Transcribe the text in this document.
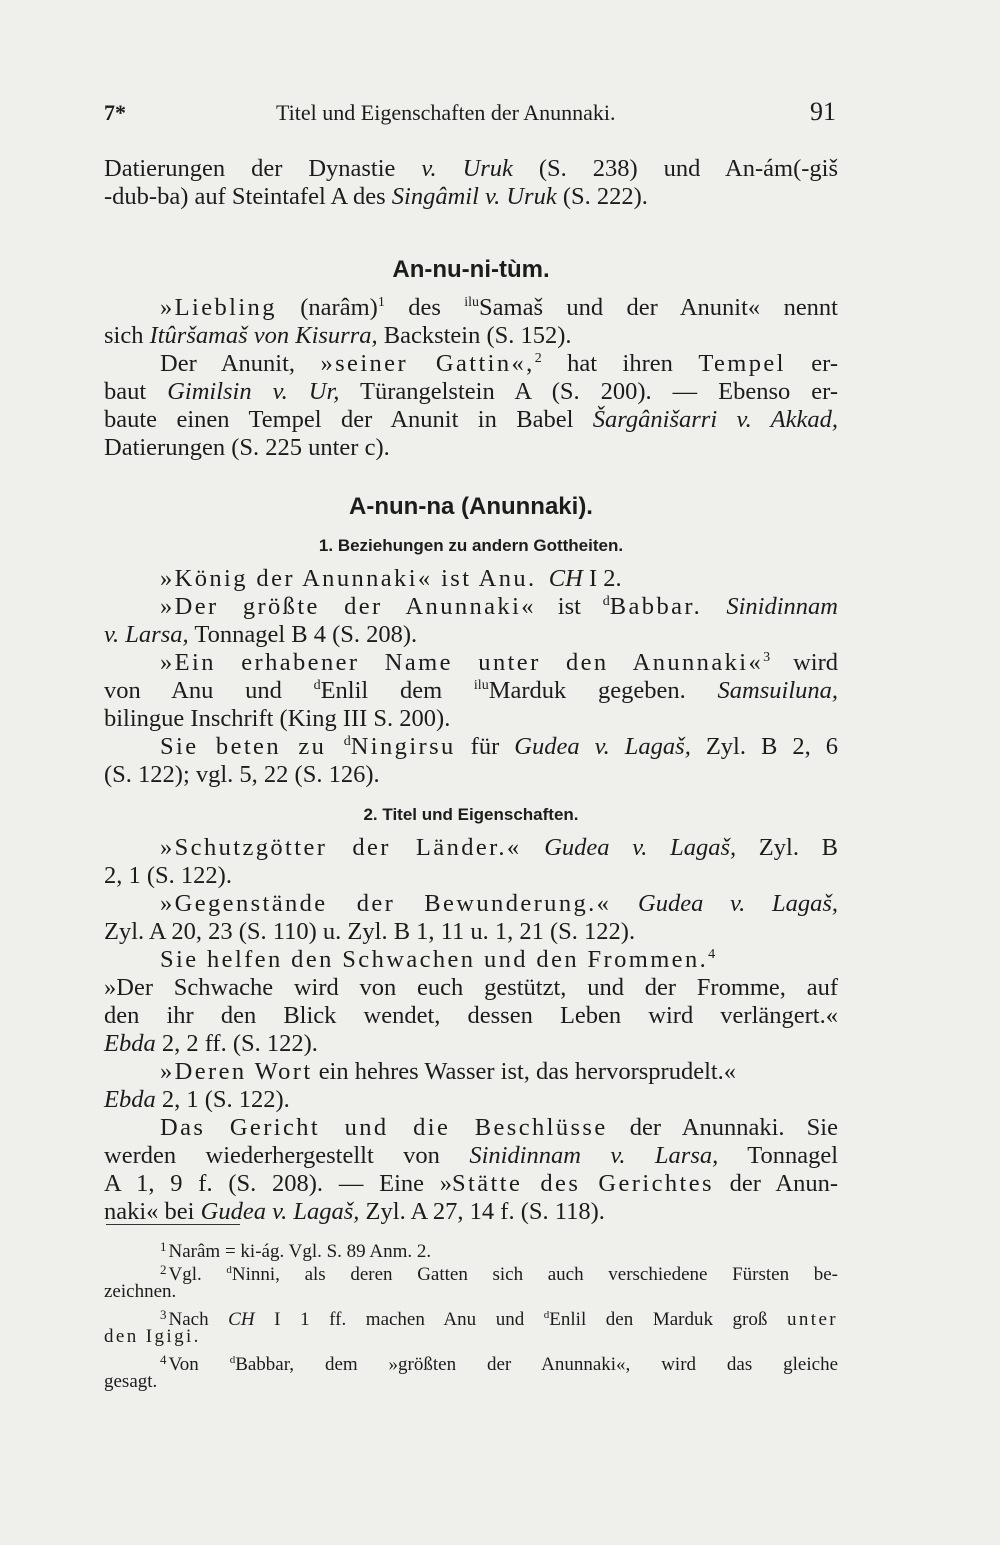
7*	Titel und Eigenschaften der Anunnaki.	91
Datierungen der Dynastie v. Uruk (S. 238) und An-ám(-giš
-dub-ba) auf Steintafel A des Singâmil v. Uruk (S. 222).
An-nu-ni-tùm.
»Liebling (narâm)$^1$ des $^{ilu}$Samaš und der Anunit« nennt
sich Itûršamaš von Kisurra, Backstein (S. 152).
Der Anunit, »seiner Gattin«,$^2$ hat ihren Tempel er-
baut Gimilsin v. Ur, Türangelstein A (S. 200). — Ebenso er-
baute einen Tempel der Anunit in Babel Šargânišarri v. Akkad,
Datierungen (S. 225 unter c).
A-nun-na (Anunnaki).
1. Beziehungen zu andern Gottheiten.
»König der Anunnaki« ist Anu. CH I 2.
»Der größte der Anunnaki« ist $^d$Babbar. Sinidinnam
v. Larsa, Tonnagel B 4 (S. 208).
»Ein erhabener Name unter den Anunnaki«$^3$ wird
von Anu und $^d$Enlil dem $^{ilu}$Marduk gegeben. Samsuiluna,
bilingue Inschrift (King III S. 200).
Sie beten zu $^d$Ningirsu für Gudea v. Lagaš, Zyl. B 2, 6
(S. 122); vgl. 5, 22 (S. 126).
2. Titel und Eigenschaften.
»Schutzgötter der Länder.« Gudea v. Lagaš, Zyl. B
2, 1 (S. 122).
»Gegenstände der Bewunderung.« Gudea v. Lagaš,
Zyl. A 20, 23 (S. 110) u. Zyl. B 1, 11 u. 1, 21 (S. 122).
Sie helfen den Schwachen und den Frommen.$^4$
»Der Schwache wird von euch gestützt, und der Fromme, auf
den ihr den Blick wendet, dessen Leben wird verlängert.«
Ebda 2, 2 ff. (S. 122).
»Deren Wort ein hehres Wasser ist, das hervorsprudelt.«
Ebda 2, 1 (S. 122).
Das Gericht und die Beschlüsse der Anunnaki. Sie
werden wiederhergestellt von Sinidinnam v. Larsa, Tonnagel
A 1, 9 f. (S. 208). — Eine »Stätte des Gerichtes der Anun-
naki« bei Gudea v. Lagaš, Zyl. A 27, 14 f. (S. 118).
$^1$ Narâm = ki-ág. Vgl. S. 89 Anm. 2.
$^2$ Vgl. $^d$Ninni, als deren Gatten sich auch verschiedene Fürsten be-
zeichnen.
$^3$ Nach CH I 1 ff. machen Anu und $^d$Enlil den Marduk groß unter
den Igigi.
$^4$ Von $^d$Babbar, dem »größten der Anunnaki«, wird das gleiche
gesagt.
